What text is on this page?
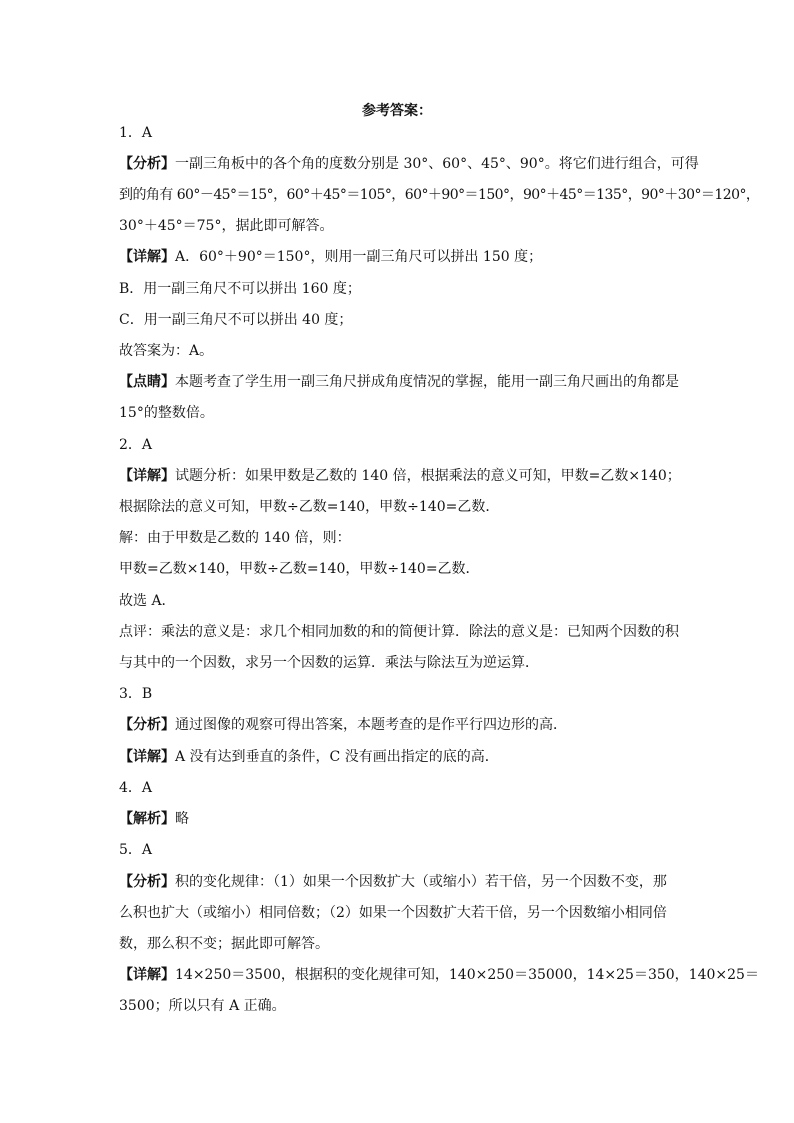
参考答案：
1．A
【分析】一副三角板中的各个角的度数分别是 30°、60°、45°、90°。将它们进行组合，可得
到的角有 60°－45°＝15°，60°＋45°＝105°，60°＋90°＝150°，90°＋45°＝135°，90°＋30°＝120°，
30°＋45°＝75°，据此即可解答。
【详解】A．60°＋90°＝150°，则用一副三角尺可以拼出 150 度；
B．用一副三角尺不可以拼出 160 度；
C．用一副三角尺不可以拼出 40 度；
故答案为：A。
【点睛】本题考查了学生用一副三角尺拼成角度情况的掌握，能用一副三角尺画出的角都是
15°的整数倍。
2．A
【详解】试题分析：如果甲数是乙数的 140 倍，根据乘法的意义可知，甲数=乙数×140；
根据除法的意义可知，甲数÷乙数=140，甲数÷140=乙数．
解：由于甲数是乙数的 140 倍，则：
甲数=乙数×140，甲数÷乙数=140，甲数÷140=乙数．
故选 A．
点评：乘法的意义是：求几个相同加数的和的简便计算．除法的意义是：已知两个因数的积
与其中的一个因数，求另一个因数的运算．乘法与除法互为逆运算．
3．B
【分析】通过图像的观察可得出答案，本题考查的是作平行四边形的高．
【详解】A 没有达到垂直的条件，C 没有画出指定的底的高．
4．A
【解析】略
5．A
【分析】积的变化规律：（1）如果一个因数扩大（或缩小）若干倍，另一个因数不变，那
么积也扩大（或缩小）相同倍数；（2）如果一个因数扩大若干倍，另一个因数缩小相同倍
数，那么积不变；据此即可解答。
【详解】14×250＝3500，根据积的变化规律可知，140×250＝35000，14×25＝350，140×25＝
3500；所以只有 A 正确。
